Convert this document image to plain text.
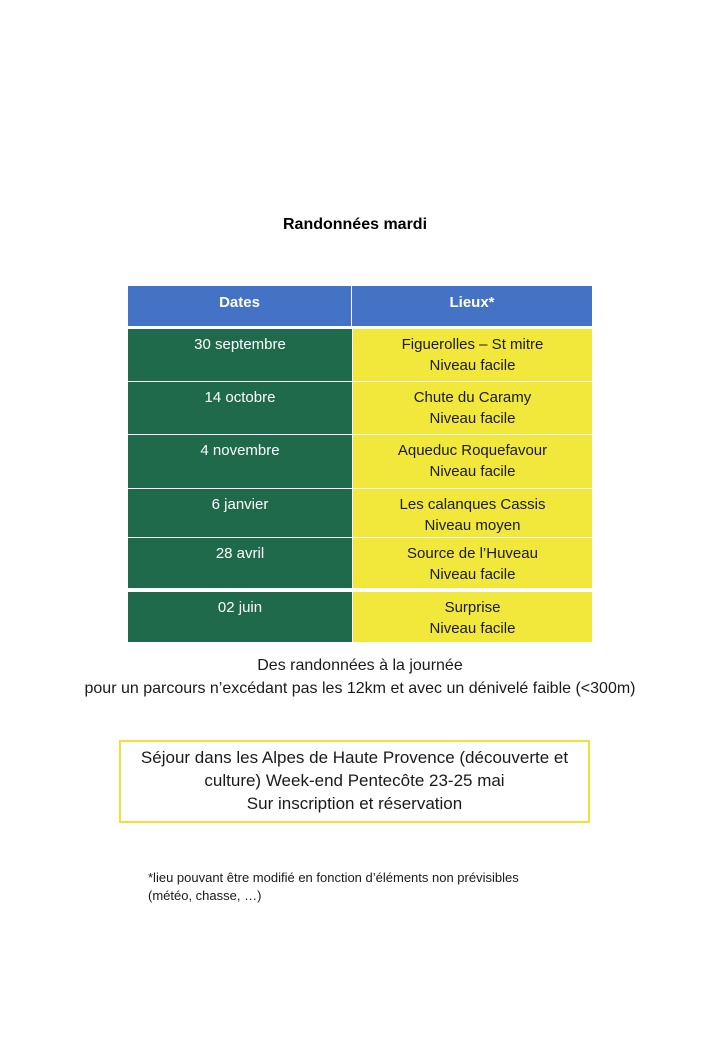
Randonnées mardi
Dates	Lieux*
30 septembre	Figuerolles – St mitre
Niveau facile
14 octobre	Chute du Caramy
Niveau facile
4 novembre	Aqueduc Roquefavour
Niveau facile
6 janvier	Les calanques Cassis
Niveau moyen
28 avril	Source de l’Huveau
Niveau facile
02 juin	Surprise
Niveau facile
Des randonnées à la journée
pour un parcours n’excédant pas les 12km et avec un dénivelé faible (<300m)
Séjour dans les Alpes de Haute Provence (découverte et
culture) Week-end Pentecôte 23-25 mai
Sur inscription et réservation
*lieu pouvant être modifié en fonction d’éléments non prévisibles
(météo, chasse, …)
